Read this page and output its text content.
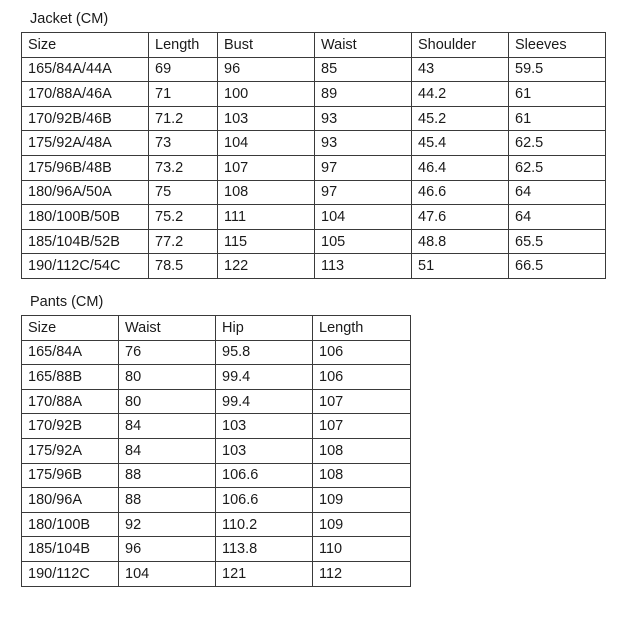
Jacket (CM)
Size	Length	Bust	Waist	Shoulder	Sleeves
165/84A/44A	69	96	85	43	59.5
170/88A/46A	71	100	89	44.2	61
170/92B/46B	71.2	103	93	45.2	61
175/92A/48A	73	104	93	45.4	62.5
175/96B/48B	73.2	107	97	46.4	62.5
180/96A/50A	75	108	97	46.6	64
180/100B/50B	75.2	111	104	47.6	64
185/104B/52B	77.2	115	105	48.8	65.5
190/112C/54C	78.5	122	113	51	66.5
Pants (CM)
Size	Waist	Hip	Length
165/84A	76	95.8	106
165/88B	80	99.4	106
170/88A	80	99.4	107
170/92B	84	103	107
175/92A	84	103	108
175/96B	88	106.6	108
180/96A	88	106.6	109
180/100B	92	110.2	109
185/104B	96	113.8	110
190/112C	104	121	112
